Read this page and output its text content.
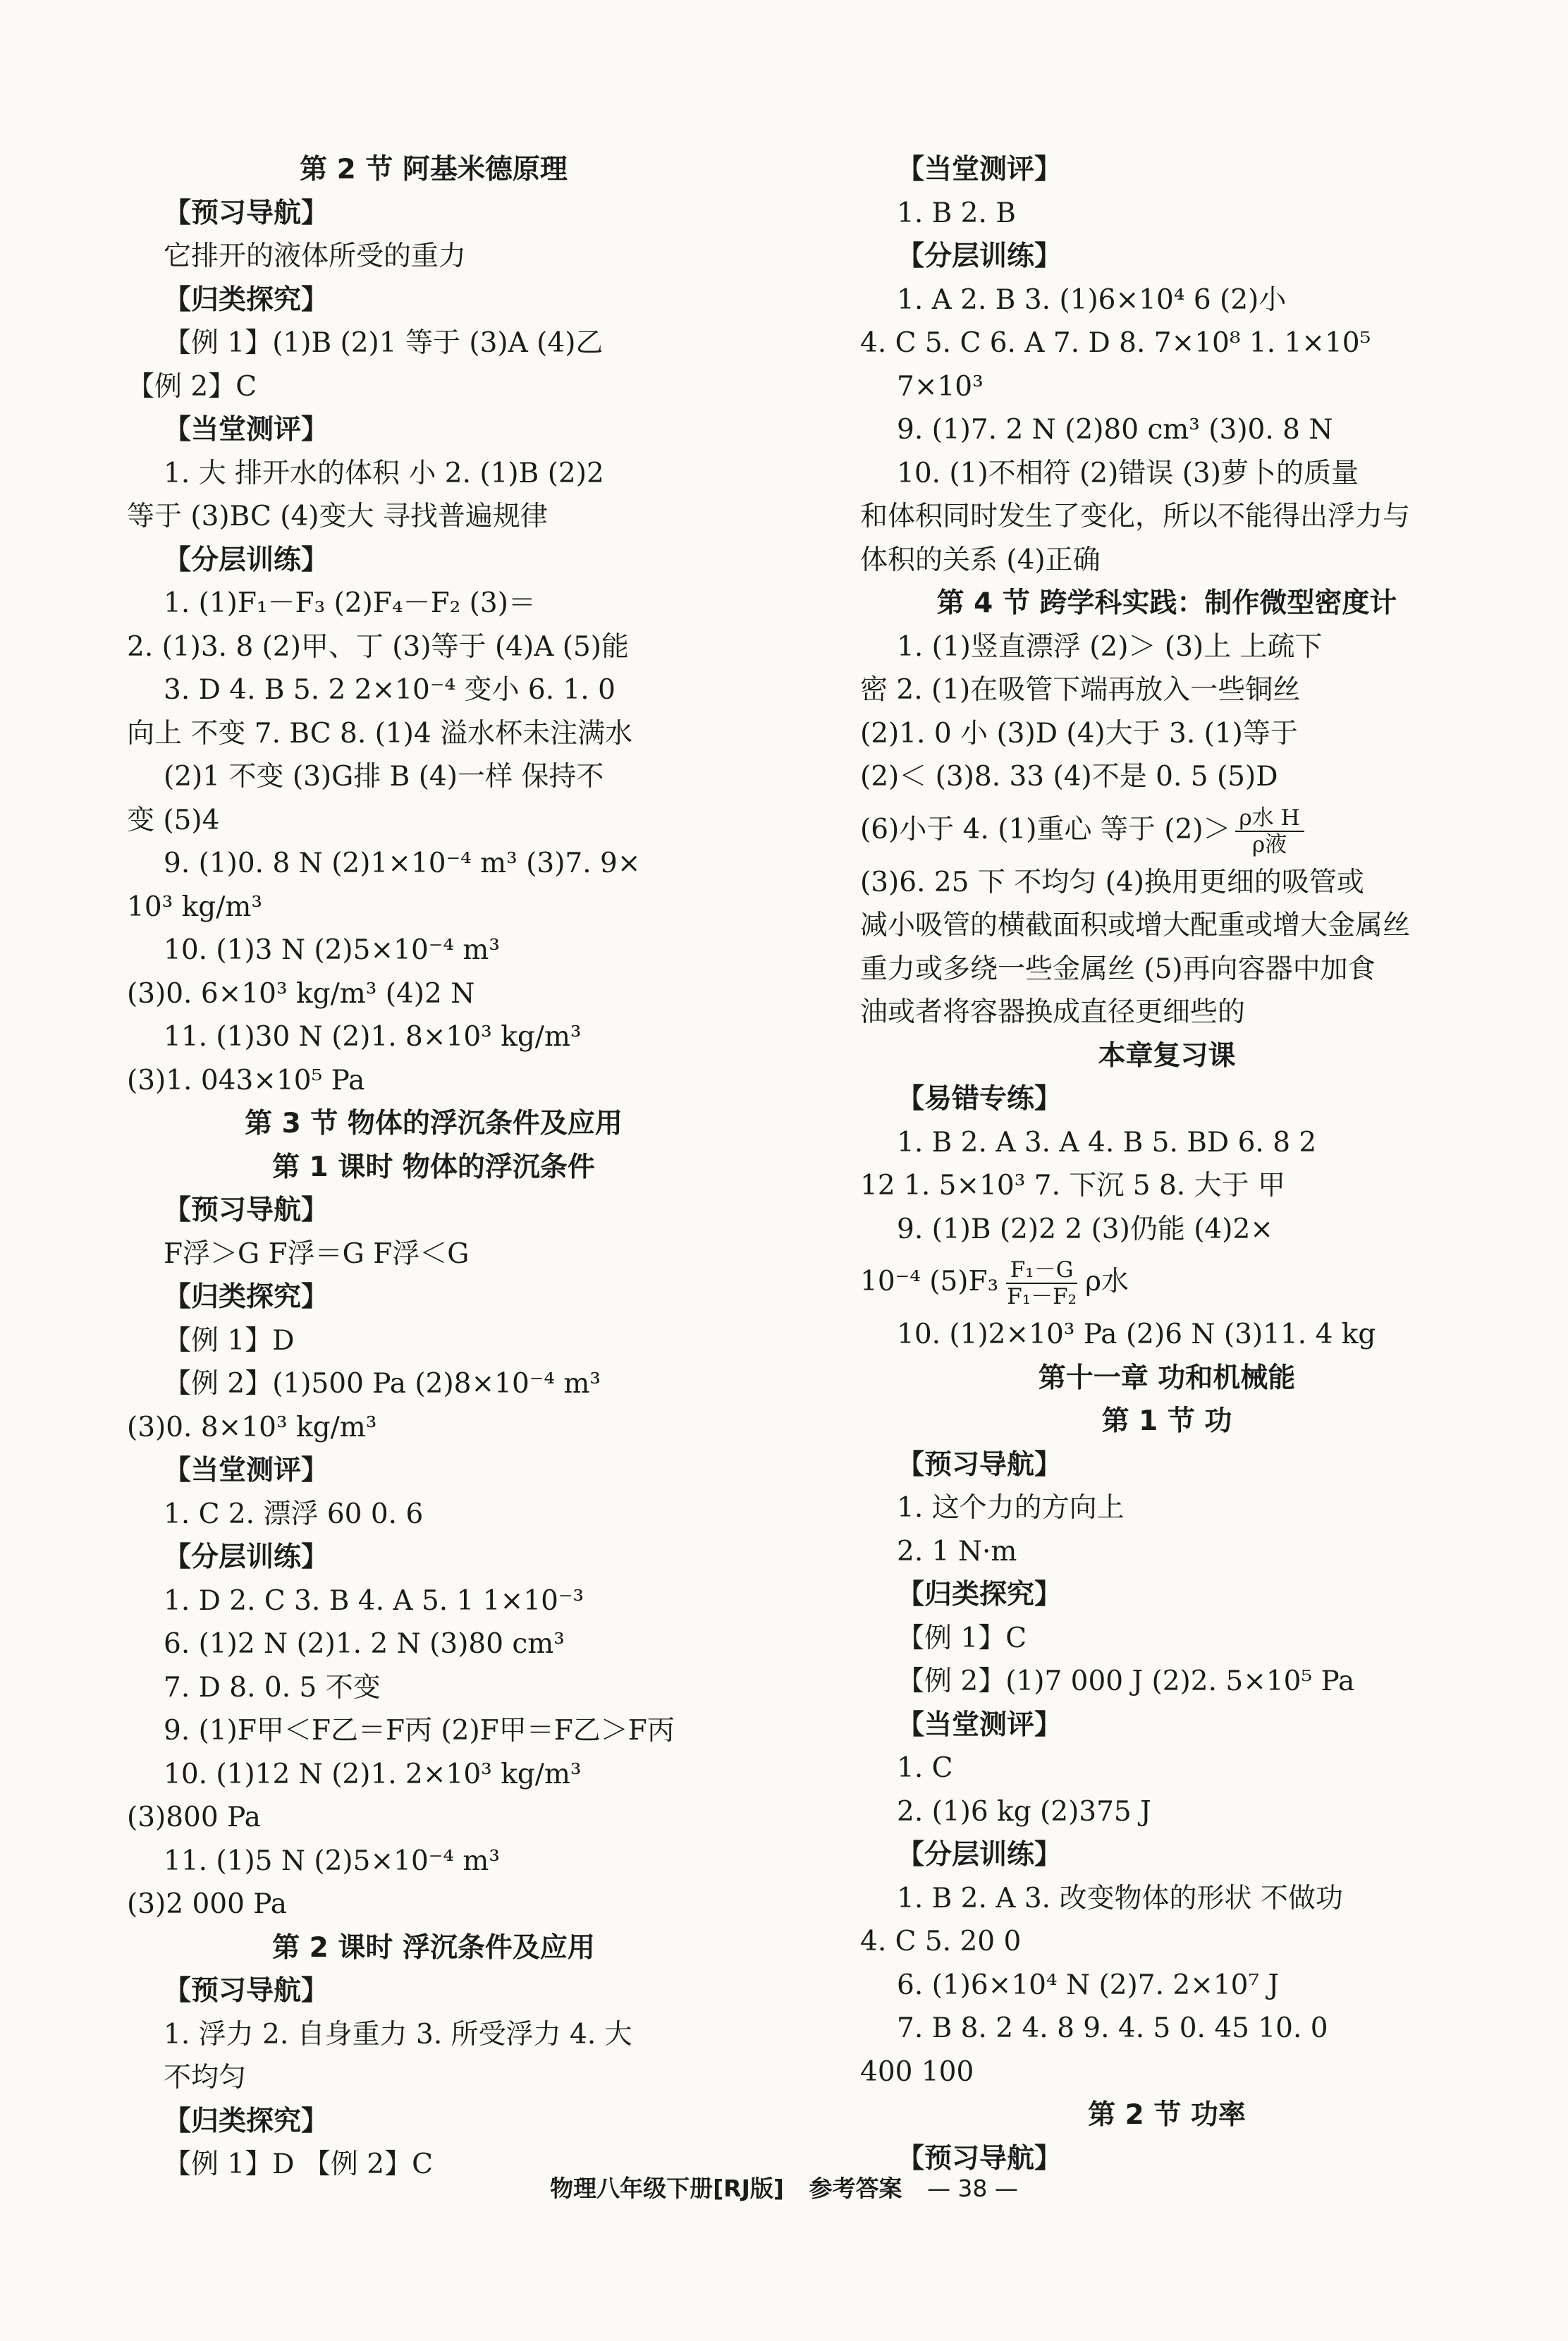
第 2 节 阿基米德原理
【预习导航】
它排开的液体所受的重力
【归类探究】
【例 1】(1)B (2)1 等于 (3)A (4)乙
【例 2】C
【当堂测评】
1. 大 排开水的体积 小 2. (1)B (2)2
等于 (3)BC (4)变大 寻找普遍规律
【分层训练】
1. (1)F₁－F₃ (2)F₄－F₂ (3)＝
2. (1)3. 8 (2)甲、丁 (3)等于 (4)A (5)能
3. D 4. B 5. 2 2×10⁻⁴ 变小 6. 1. 0
向上 不变 7. BC 8. (1)4 溢水杯未注满水
(2)1 不变 (3)G排 B (4)一样 保持不
变 (5)4
9. (1)0. 8 N (2)1×10⁻⁴ m³ (3)7. 9×
10³ kg/m³
10. (1)3 N (2)5×10⁻⁴ m³
(3)0. 6×10³ kg/m³ (4)2 N
11. (1)30 N (2)1. 8×10³ kg/m³
(3)1. 043×10⁵ Pa
第 3 节 物体的浮沉条件及应用
第 1 课时 物体的浮沉条件
【预习导航】
F浮＞G F浮＝G F浮＜G
【归类探究】
【例 1】D
【例 2】(1)500 Pa (2)8×10⁻⁴ m³
(3)0. 8×10³ kg/m³
【当堂测评】
1. C 2. 漂浮 60 0. 6
【分层训练】
1. D 2. C 3. B 4. A 5. 1 1×10⁻³
6. (1)2 N (2)1. 2 N (3)80 cm³
7. D 8. 0. 5 不变
9. (1)F甲＜F乙＝F丙 (2)F甲＝F乙＞F丙
10. (1)12 N (2)1. 2×10³ kg/m³
(3)800 Pa
11. (1)5 N (2)5×10⁻⁴ m³
(3)2 000 Pa
第 2 课时 浮沉条件及应用
【预习导航】
1. 浮力 2. 自身重力 3. 所受浮力 4. 大
不均匀
【归类探究】
【例 1】D 【例 2】C
【当堂测评】
1. B 2. B
【分层训练】
1. A 2. B 3. (1)6×10⁴ 6 (2)小
4. C 5. C 6. A 7. D 8. 7×10⁸ 1. 1×10⁵
7×10³
9. (1)7. 2 N (2)80 cm³ (3)0. 8 N
10. (1)不相符 (2)错误 (3)萝卜的质量
和体积同时发生了变化，所以不能得出浮力与
体积的关系 (4)正确
第 4 节 跨学科实践：制作微型密度计
1. (1)竖直漂浮 (2)＞ (3)上 上疏下
密 2. (1)在吸管下端再放入一些铜丝
(2)1. 0 小 (3)D (4)大于 3. (1)等于
(2)＜ (3)8. 33 (4)不是 0. 5 (5)D
(6)小于 4. (1)重心 等于 $(2)> \frac{\text{ρ水 H}}{\text{ρ液}}$
(3)6. 25 下 不均匀 (4)换用更细的吸管或
减小吸管的横截面积或增大配重或增大金属丝
重力或多绕一些金属丝 (5)再向容器中加食
油或者将容器换成直径更细些的
本章复习课
【易错专练】
1. B 2. A 3. A 4. B 5. BD 6. 8 2
12 1. 5×10³ 7. 下沉 5 8. 大于 甲
9. (1)B (2)2 2 (3)仍能 (4)2×
10⁻⁴ $(5)F_3 \frac{\text{F₁－G}}{\text{F₁－F₂}}$ ρ水
10. (1)2×10³ Pa (2)6 N (3)11. 4 kg
第十一章 功和机械能
第 1 节 功
【预习导航】
1. 这个力的方向上
2. 1 N·m
【归类探究】
【例 1】C
【例 2】(1)7 000 J (2)2. 5×10⁵ Pa
【当堂测评】
1. C
2. (1)6 kg (2)375 J
【分层训练】
1. B 2. A 3. 改变物体的形状 不做功
4. C 5. 20 0
6. (1)6×10⁴ N (2)7. 2×10⁷ J
7. B 8. 2 4. 8 9. 4. 5 0. 45 10. 0
400 100
第 2 节 功率
【预习导航】
物理八年级下册[RJ版] 参考答案 — 38 —
